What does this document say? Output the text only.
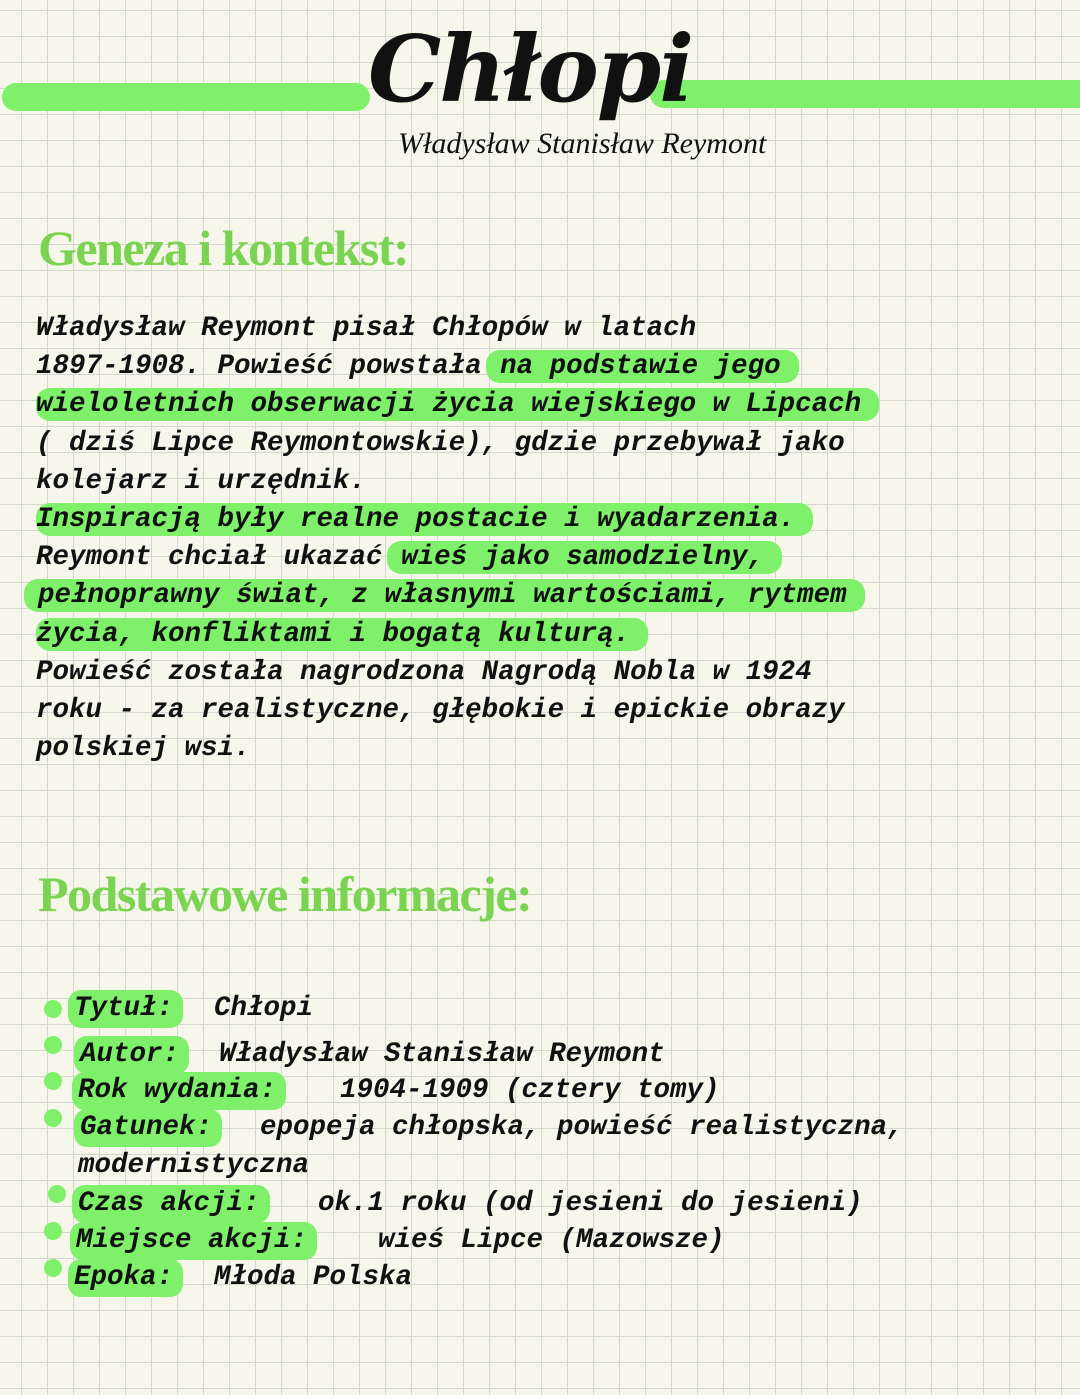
Chłopi
Władysław Stanisław Reymont
Geneza i kontekst:
Władysław Reymont pisał Chłopów w latach
1897-1908. Powieść powstała na podstawie jego
wieloletnich obserwacji życia wiejskiego w Lipcach
( dziś Lipce Reymontowskie), gdzie przebywał jako
kolejarz i urzędnik.
Inspiracją były realne postacie i wyadarzenia.
Reymont chciał ukazać wieś jako samodzielny,
pełnoprawny świat, z własnymi wartościami, rytmem
życia, konfliktami i bogatą kulturą.
Powieść została nagrodzona Nagrodą Nobla w 1924
roku - za realistyczne, głębokie i epickie obrazy
polskiej wsi.
Podstawowe informacje:
Tytuł:	Chłopi
Autor:	Władysław Stanisław Reymont
Rok wydania:	1904-1909 (cztery tomy)
Gatunek:	epopeja chłopska, powieść realistyczna,
modernistyczna
Czas akcji:	ok.1 roku (od jesieni do jesieni)
Miejsce akcji:	wieś Lipce (Mazowsze)
Epoka:	Młoda Polska
